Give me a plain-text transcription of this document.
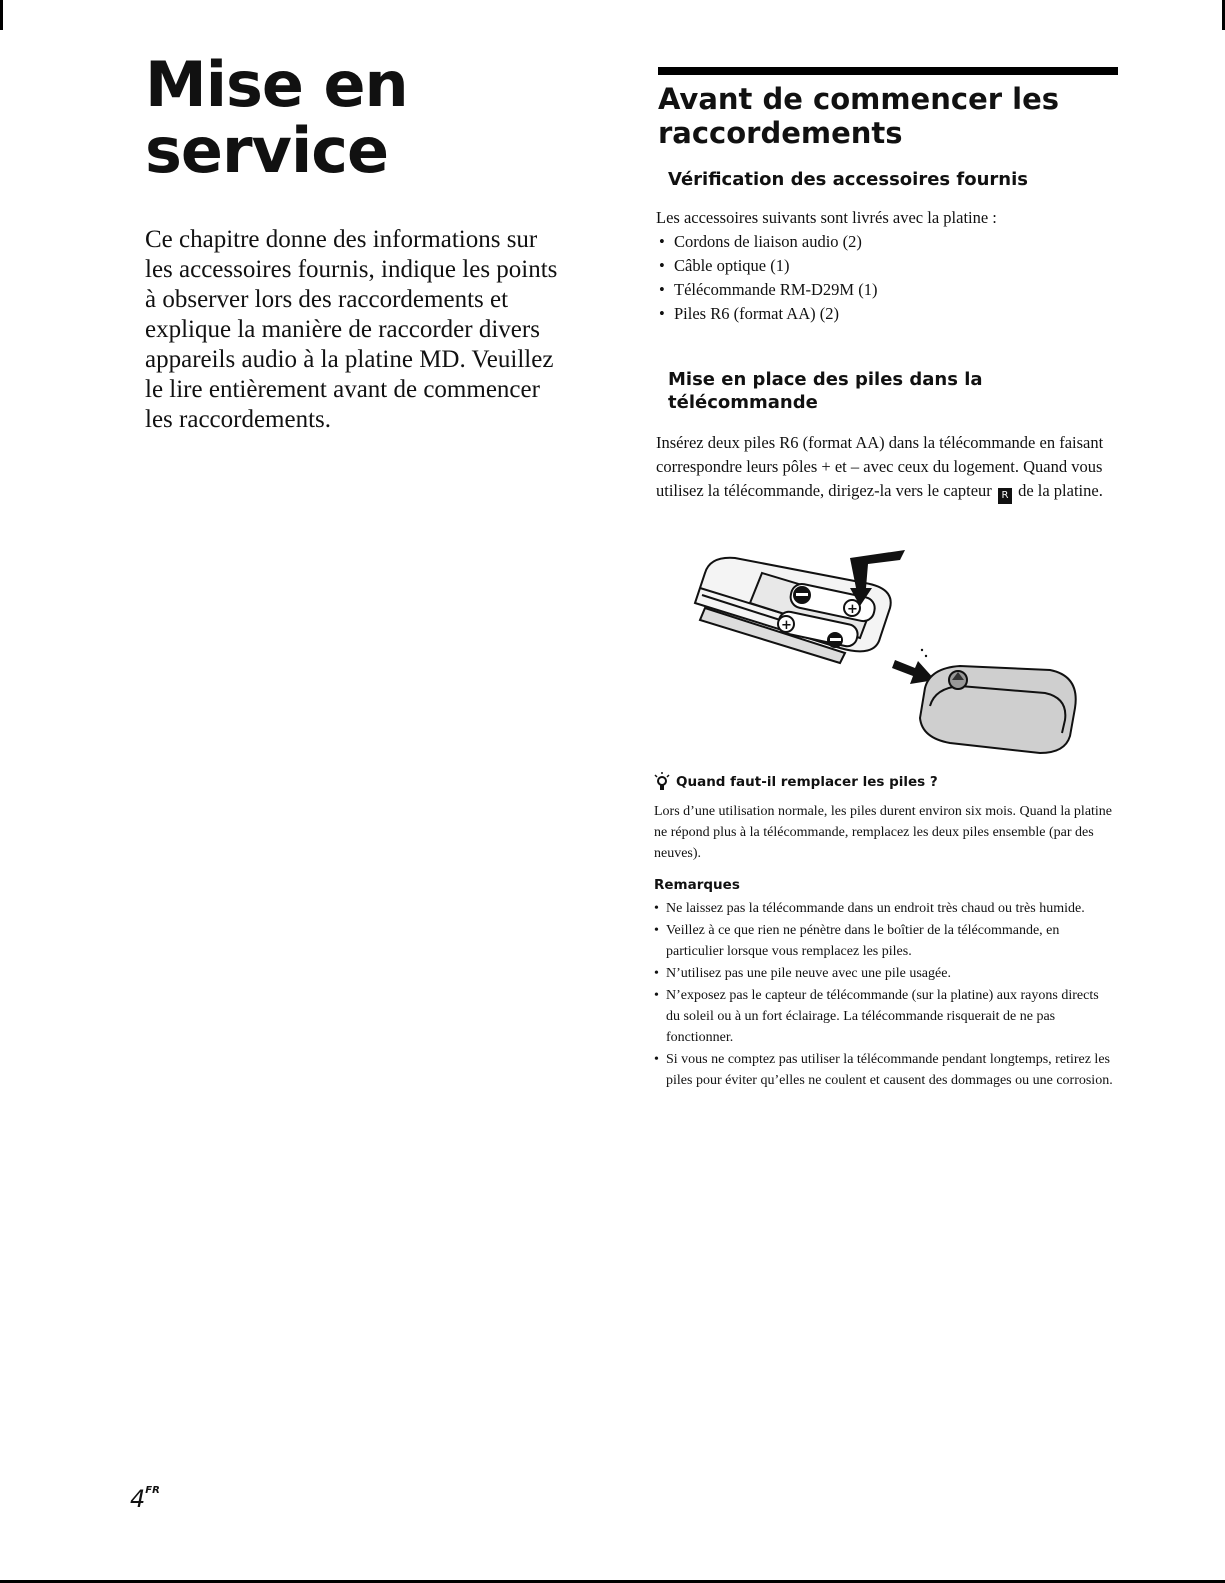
Mise en service

Ce chapitre donne des informations sur les accessoires fournis, indique les points à observer lors des raccordements et explique la manière de raccorder divers appareils audio à la platine MD. Veuillez le lire entièrement avant de commencer les raccordements.

Avant de commencer les raccordements
Vérification des accessoires fournis
Les accessoires suivants sont livrés avec la platine :
• Cordons de liaison audio (2)
• Câble optique (1)
• Télécommande RM-D29M (1)
• Piles R6 (format AA) (2)
Mise en place des piles dans la télécommande

Insérez deux piles R6 (format AA) dans la télécommande en faisant correspondre leurs pôles + et – avec ceux du logement. Quand vous utilisez la télécommande, dirigez-la vers le capteur R de la platine.

+
+
Quand faut-il remplacer les piles ?

Lors d’une utilisation normale, les piles durent environ six mois. Quand la platine ne répond plus à la télécommande, remplacez les deux piles ensemble (par des neuves).

Remarques
• Ne laissez pas la télécommande dans un endroit très chaud ou très humide.
• Veillez à ce que rien ne pénètre dans le boîtier de la télécommande, en particulier lorsque vous remplacez les piles.
• N’utilisez pas une pile neuve avec une pile usagée.
• N’exposez pas le capteur de télécommande (sur la platine) aux rayons directs du soleil ou à un fort éclairage. La télécommande risquerait de ne pas fonctionner.
• Si vous ne comptez pas utiliser la télécommande pendant longtemps, retirez les piles pour éviter qu’elles ne coulent et causent des dommages ou une corrosion.
$4^{FR}$
